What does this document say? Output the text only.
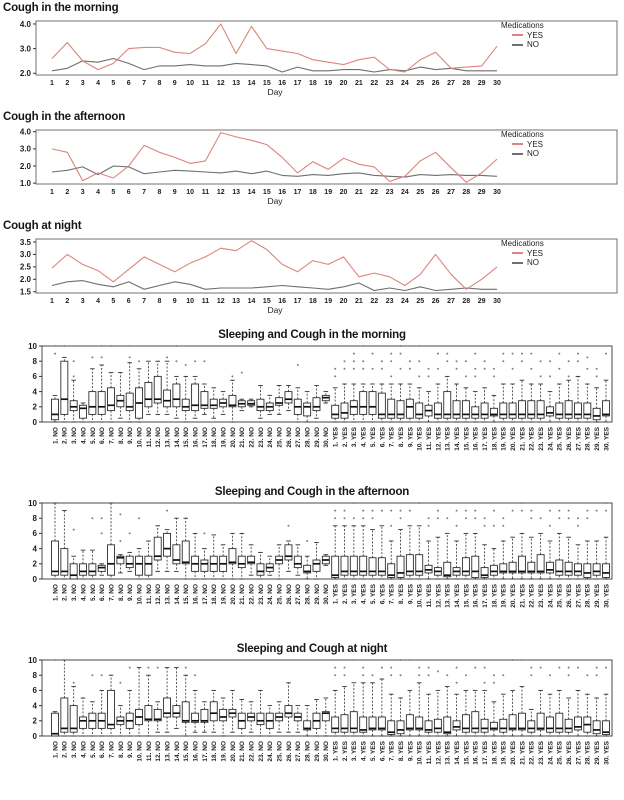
Cough in the morning
2.0
3.0
4.0
1 2 3 4 5 6 7 8 9 10 11 12 13 14 15 16 17 18 19 20 21 22 23 24 25 26 27 28 29 30
Medications
YES
NO
Day
Cough in the afternoon
1.0
2.0
3.0
4.0
1 2 3 4 5 6 7 8 9 10 11 12 13 14 15 16 17 18 19 20 21 22 23 24 25 26 27 28 29 30
Medications
YES
NO
Day
Cough at night
1.5
2.0
2.5
3.0
3.5
1 2 3 4 5 6 7 8 9 10 11 12 13 14 15 16 17 18 19 20 21 22 23 24 25 26 27 28 29 30
Medications
YES
NO
Day
Sleeping and Cough in the morning
0
2
4
6
8
10
1. NO 2. NO 3. NO 4. NO 5. NO 6. NO 7. NO 8. NO 9. NO 10. NO 11. NO 12. NO 13. NO 14. NO 15. NO 16. NO 17. NO 18. NO 19. NO 20. NO 21. NO 22. NO 23. NO 24. NO 25. NO 26. NO 27. NO 28. NO 29. NO 30. NO 1. YES 2. YES 3. YES 4. YES 5. YES 6. YES 7. YES 8. YES 9. YES 10. YES 11. YES 12. YES 13. YES 14. YES 15. YES 16. YES 17. YES 18. YES 19. YES 20. YES 21. YES 22. YES 23. YES 24. YES 25. YES 26. YES 27. YES 28. YES 29. YES 30. YES
Sleeping and Cough in the afternoon
0
2
4
6
8
10
1. NO 2. NO 3. NO 4. NO 5. NO 6. NO 7. NO 8. NO 9. NO 10. NO 11. NO 12. NO 13. NO 14. NO 15. NO 16. NO 17. NO 18. NO 19. NO 20. NO 21. NO 22. NO 23. NO 24. NO 25. NO 26. NO 27. NO 28. NO 29. NO 30. NO 1. YES 2. YES 3. YES 4. YES 5. YES 6. YES 7. YES 8. YES 9. YES 10. YES 11. YES 12. YES 13. YES 14. YES 15. YES 16. YES 17. YES 18. YES 19. YES 20. YES 21. YES 22. YES 23. YES 24. YES 25. YES 26. YES 27. YES 28. YES 29. YES 30. YES
Sleeping and Cough at night
0
2
4
6
8
10
1. NO 2. NO 3. NO 4. NO 5. NO 6. NO 7. NO 8. NO 9. NO 10. NO 11. NO 12. NO 13. NO 14. NO 15. NO 16. NO 17. NO 18. NO 19. NO 20. NO 21. NO 22. NO 23. NO 24. NO 25. NO 26. NO 27. NO 28. NO 29. NO 30. NO 1. YES 2. YES 3. YES 4. YES 5. YES 6. YES 7. YES 8. YES 9. YES 10. YES 11. YES 12. YES 13. YES 14. YES 15. YES 16. YES 17. YES 18. YES 19. YES 20. YES 21. YES 22. YES 23. YES 24. YES 25. YES 26. YES 27. YES 28. YES 29. YES 30. YES
